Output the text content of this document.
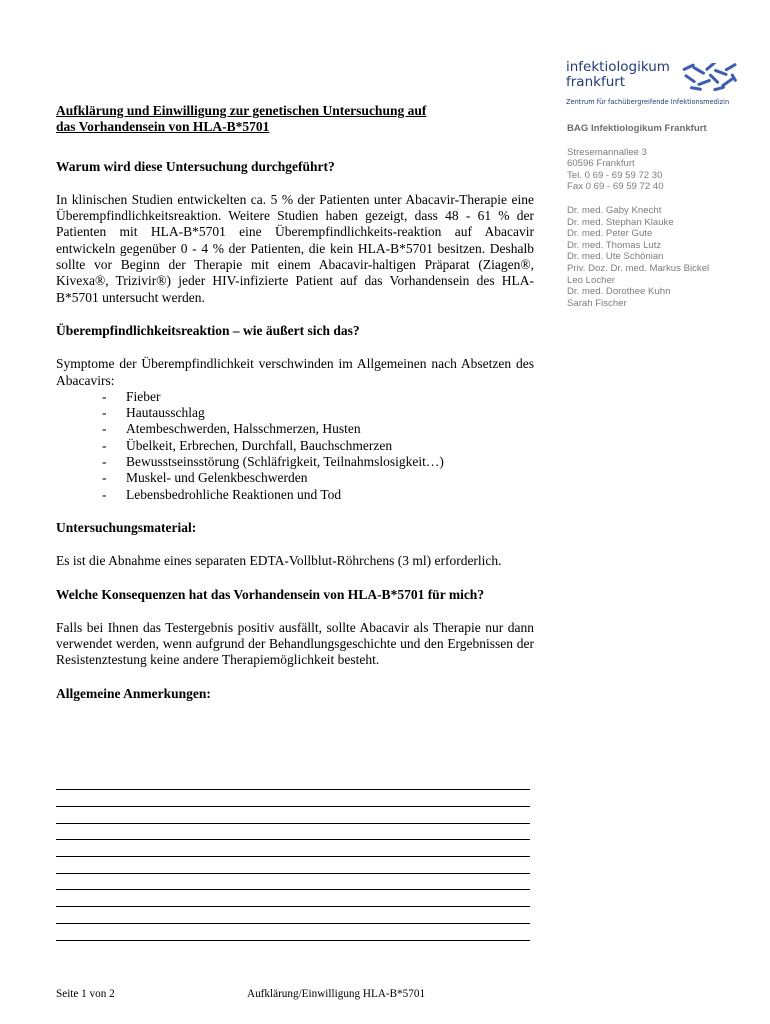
infektiologikum
frankfurt
Zentrum für fachübergreifende Infektionsmedizin
BAG Infektiologikum Frankfurt
Stresemannallee 3
60596 Frankfurt
Tel. 0 69 - 69 59 72 30
Fax 0 69 - 69 59 72 40
Dr. med. Gaby Knecht
Dr. med. Stephan Klauke
Dr. med. Peter Gute
Dr. med. Thomas Lutz
Dr. med. Ute Schönian
Priv. Doz. Dr. med. Markus Bickel
Leo Locher
Dr. med. Dorothee Kuhn
Sarah Fischer
Aufklärung und Einwilligung zur genetischen Untersuchung auf
das Vorhandensein von HLA-B*5701
Warum wird diese Untersuchung durchgeführt?

In klinischen Studien entwickelten ca. 5 % der Patienten unter Abacavir-Therapie eine Überempfindlichkeitsreaktion. Weitere Studien haben gezeigt, dass 48 - 61 % der Patienten mit HLA-B*5701 eine Überempfindlichkeits-reaktion auf Abacavir entwickeln gegenüber 0 - 4 % der Patienten, die kein HLA-B*5701 besitzen. Deshalb sollte vor Beginn der Therapie mit einem Abacavir-haltigen Präparat (Ziagen®, Kivexa®, Trizivir®) jeder HIV-infizierte Patient auf das Vorhandensein des HLA-B*5701 untersucht werden.

Überempfindlichkeitsreaktion – wie äußert sich das?

Symptome der Überempfindlichkeit verschwinden im Allgemeinen nach Absetzen des Abacavirs:

- Fieber
- Hautausschlag
- Atembeschwerden, Halsschmerzen, Husten
- Übelkeit, Erbrechen, Durchfall, Bauchschmerzen
- Bewusstseinsstörung (Schläfrigkeit, Teilnahmslosigkeit…)
- Muskel- und Gelenkbeschwerden
- Lebensbedrohliche Reaktionen und Tod
Untersuchungsmaterial:

Es ist die Abnahme eines separaten EDTA-Vollblut-Röhrchens (3 ml) erforderlich.

Welche Konsequenzen hat das Vorhandensein von HLA-B*5701 für mich?

Falls bei Ihnen das Testergebnis positiv ausfällt, sollte Abacavir als Therapie nur dann verwendet werden, wenn aufgrund der Behandlungsgeschichte und den Ergebnissen der Resistenztestung keine andere Therapiemöglichkeit besteht.

Allgemeine Anmerkungen:
Seite 1 von 2	Aufklärung/Einwilligung HLA-B*5701
